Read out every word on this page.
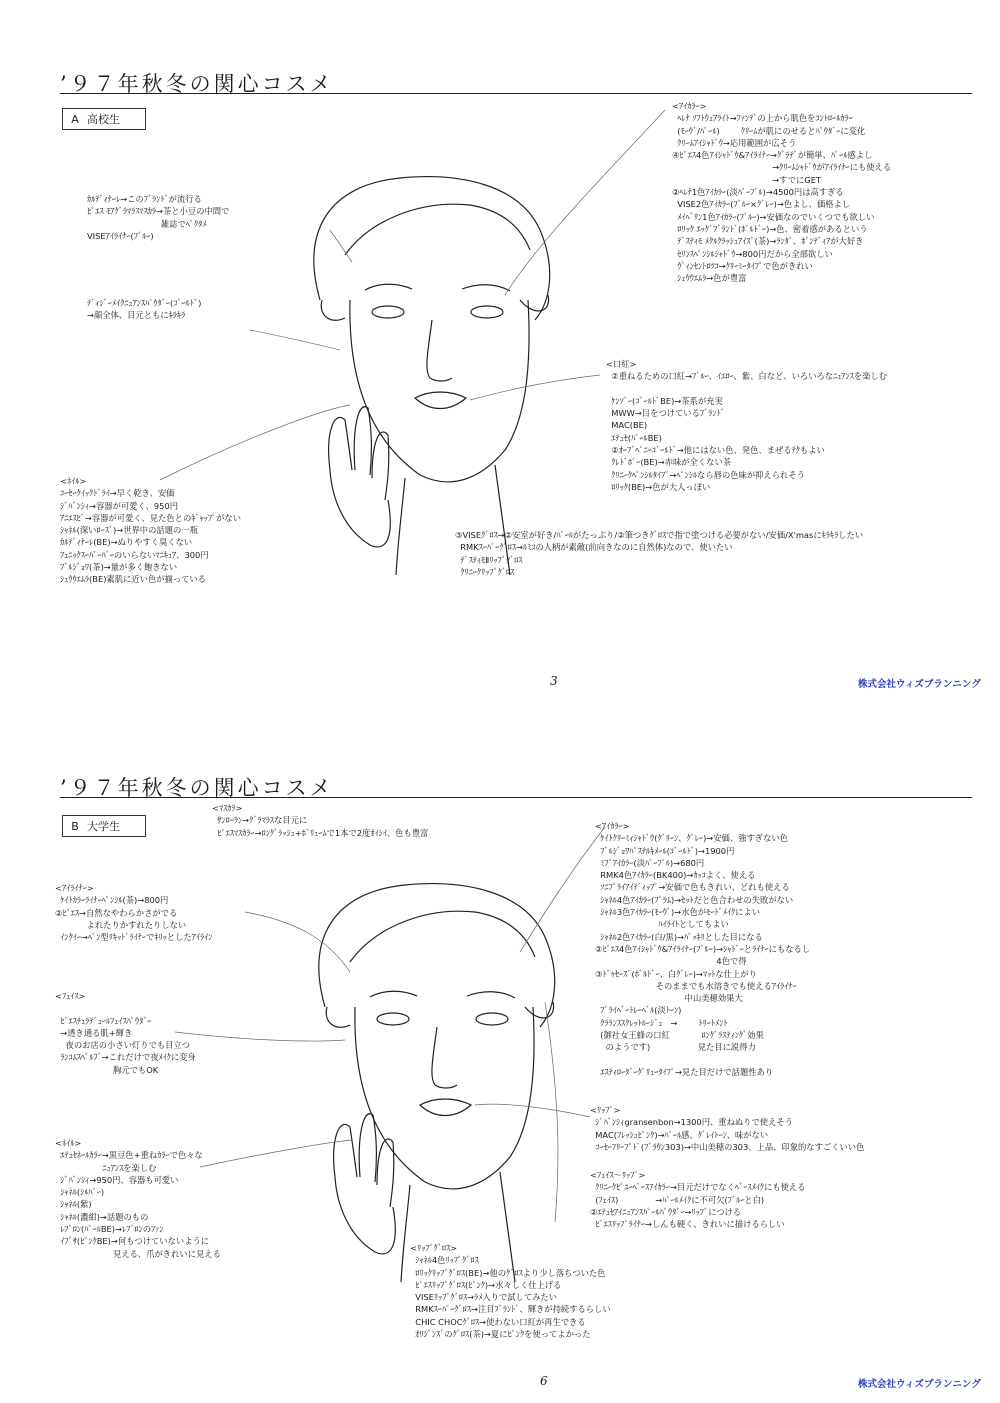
’９７年秋冬の関心コスメ
A 高校生
ｶﾙﾃﾞｨﾅｰﾚ→このﾌﾞﾗﾝﾄﾞが流行る
ﾋﾟｴｽ ﾓｱｸﾞﾗﾏﾗｽﾏｽｶﾗ→茶と小豆の中間で
雑誌でﾍﾟｸﾀﾒ
VISEｱｲﾗｲﾅｰ(ﾌﾞﾙｰ)
ﾃﾞｨｼﾞｰﾒｲｸﾆｭｱﾝｽﾊﾟｳﾀﾞｰ(ｺﾞｰﾙﾄﾞ)
→顔全体、目元ともにｷﾗｷﾗ
<ﾈｲﾙ>
ｺｰｾｰｸｲｯｸﾄﾞﾗｲ→早く乾き、安価
ｼﾞﾊﾞﾝｼｨ→容器が可愛く、950円
ｱﾆｴｽﾋﾞ→容器が可愛く、見た色とのｷﾞｬｯﾌﾟがない
ｼｬﾈﾙ(深いﾛｰｽﾞ)→世界中の話題の一瓶
ｶﾙﾃﾞｨﾅｰﾚ(BE)→ぬりやすく臭くない
ﾌｪﾆｯｸｽｰﾊﾟｰﾊﾞｰのいらないﾏﾆｷｭｱ、300円
ﾌﾞﾙｼﾞｮﾜ(茶)→量が多く飽きない
ｼｭｳｳｴﾑﾗ(BE)素肌に近い色が揃っている
<ｱｲｶﾗｰ>
ﾍﾚﾅ ｿﾌﾄｳｪｱﾗｲﾄ→ﾌｧﾝﾃﾞの上から肌色をｺﾝﾄﾛｰﾙｶﾗｰ
(ﾓｰｳﾞ/ﾊﾟｰﾙ)        ｸﾘｰﾑが肌にのせるとﾊﾟｳﾀﾞｰに変化
ｸﾘｰﾑｱｲｼｬﾄﾞｳ→応用範囲が広そう
④ﾋﾟｴｽ4色ｱｲｼｬﾄﾞｳ&ｱｲﾗｲﾅｰ→ｸﾞﾗﾃﾞが簡単、ﾊﾟｰﾙ感よし
→ｸﾘｰﾑｼｬﾄﾞｳがｱｲﾗｲﾅｰにも使える
→すでにGET
②ﾍﾚﾅ1色ｱｲｶﾗｰ(淡ﾊﾟｰﾌﾟﾙ)→4500円は高すぎる
VISE2色ｱｲｶﾗｰ(ﾌﾞﾙｰ×ｸﾞﾚｰ)→色よし、価格よし
ﾒｲﾍﾞﾘﾝ1色ｱｲｶﾗｰ(ﾌﾞﾙｰ)→安価なのでいくつでも欲しい
ﾛﾘｯｸ ｴｯｸﾞﾌﾞﾗﾝﾄﾞ(ﾎﾞﾙﾄﾞｰ)→色、密着感があるという
ﾃﾞｽﾃｨﾓ ﾒｸﾙｸﾗｯｼｭｱｲｽﾞ(茶)→ﾗﾝﾀﾞ、ﾎﾞﾝﾃﾞｨｱが大好き
ｾﾘﾝｽﾍﾟﾝｼﾙｼｬﾄﾞｳ→800円だから全部欲しい
ｳﾞｨﾝｾﾝﾄﾛﾂｺ→ｸﾘｰﾐｰﾀｲﾌﾟで色がきれい
ｼｭｳｳｴﾑﾗ→色が豊富
<口紅>
②重ねるための口紅→ﾌﾞﾙｰ、ｲｴﾛｰ、紫、白など、いろいろなﾆｭｱﾝｽを楽しむ

ｹﾝｿﾞｰ(ｺﾞｰﾙﾄﾞBE)→茶系が充実
MWW→目をつけているﾌﾞﾗﾝﾄﾞ
MAC(BE)
ｴﾃｭｾ(ﾊﾟｰﾙBE)
②ｵｰﾌﾞﾍﾟﾆｰｺﾞｰﾙﾄﾞ→他にはない色、発色、まぜるﾃｸもよい
ｸﾚﾄﾞﾎﾞｰ(BE)→赤味が全くない茶
ｸﾘﾆｰｸﾍﾟﾝｼﾙﾀｲﾌﾟ→ﾍﾟﾝｼﾙなら唇の色味が抑えられそう
ﾛﾘｯｸ(BE)→色が大人っぽい
③VISEｸﾞﾛｽ→②安室が好き/ﾊﾟｰﾙがたっぷり/②筆つきｸﾞﾛｽで指で塗つける必要がない/安価/X'masにｷﾗｷﾗしたい
RMKｽｰﾊﾟｰｸﾞﾛｽ→ﾙﾐｺの人柄が素敵(前向きなのに自然体)なので、使いたい
ﾃﾞｽﾃｨﾓⅡﾘｯﾌﾟｸﾞﾛｽ
ｸﾘﾆｰｸﾘｯﾌﾟｸﾞﾛｽ
3	株式会社ウィズプランニング
’９７年秋冬の関心コスメ
B 大学生
<ﾏｽｶﾗ>
ｻﾝﾛｰﾗﾝ→ｸﾞﾗﾏﾗｽな目元に
ﾋﾟｴｽﾏｽｶﾗｰ→ﾛﾝｸﾞﾗｯｼｭ+ﾎﾞﾘｭｰﾑで1本で2度ｵｲｼｲ、色も豊富
<ｱｲﾗｲﾅｰ>
ｹｲﾄｶﾗｰﾗｲﾅｰﾍﾟﾝｼﾙ(茶)→800円
②ﾋﾟｴｽ→自然なやわらかさがでる
よれたりかすれたりしない
ｲﾝｸｲｰ→ﾍﾟﾝ型ﾘｷｯﾄﾞﾗｲﾅｰでｷﾘｯとしたｱｲﾗｲﾝ
<ﾌｪｲｽ>

ﾋﾟｴｽﾁｭﾗﾃﾞｭｰﾙﾌｪｲｽﾊﾟｳﾀﾞｰ
→透き通る肌+輝き
夜のお店の小さい灯りでも目立つ
ﾗﾝｺﾑｽﾍﾟﾙﾌﾞ→これだけで夜ﾒｲｸに変身
胸元でもOK
<ﾈｲﾙ>
ｴﾃｭｾﾈｰﾙｶﾗｰ→黒豆色+重ねｶﾗｰで色々な
ﾆｭｱﾝｽを楽しむ
ｼﾞﾊﾞﾝｼｨ→950円、容器も可愛い
ｼｬﾈﾙ(ｼﾙﾊﾞｰ)
ｼｬﾈﾙ(紫)
ｼｬﾈﾙ(濃紺)→話題のもの
ﾚﾌﾞﾛﾝ(ﾊﾟｰﾙBE)→ﾚﾌﾞﾛﾝのﾌｧﾝ
ｲﾌﾟｻ(ﾋﾟﾝｸBE)→何もつけていないように
見える、爪がきれいに見える
<ｱｲｶﾗｰ>
ｹｲﾄｸﾘｰﾐｨｼｬﾄﾞｳ(ｸﾞﾘｰﾝ、ｸﾞﾚｰ)→安価、強すぎない色
ﾌﾞﾙｼﾞｮﾜﾊﾟｽﾃﾙｷﾒｰﾙ(ｺﾞｰﾙﾄﾞ)→1900円
ﾐﾌﾟｱｲｶﾗｰ(淡ﾊﾟｰﾌﾟﾙ)→680円
RMK4色ｱｲｶﾗｰ(BK400)→ｶｯｺよく、使える
ｿﾆﾌﾟﾗｲｱｲﾃﾞｨｯﾌﾟ→安価で色もきれい、どれも使える
ｼｬﾈﾙ4色ｱｲｶﾗｰ(ﾌﾟﾗﾑ)→ｾｯﾄだと色合わせの失敗がない
ｼｬﾈﾙ3色ｱｲｶﾗｰ(ﾓｰｳﾞ)→水色がﾓｰﾄﾞﾒｲｸによい
ﾊｲﾗｲﾄとしてもよい
ｼｬﾈﾙ2色ｱｲｶﾗｰ(白/黒)→ﾊﾟｯｷﾘとした目になる
②ﾋﾟｴｽ4色ｱｲｼｬﾄﾞｳ&ｱｲﾗｲﾅｰ(ﾌﾞﾙｰ)→ｼｬﾄﾞｰとﾗｲﾅｰにもなるし
4色で得
③ﾄﾞｩｾｰｽﾞ(ﾎﾞﾙﾄﾞｰ、白ｸﾞﾚｰ)→ﾏｯﾄな仕上がり
そのままでも水溶きでも使えるｱｲﾗｲﾅｰ
中山美穂効果大
ﾌﾟﾗｲﾍﾞｰﾄﾚｰﾍﾞﾙ(淡ﾄｰﾝ)
ｸﾗﾗﾝｽｽｸﾚｯﾄﾙｰｼﾞｭ   →        ﾄﾘｰﾄﾒﾝﾄ
(御社女王蜂の口紅            ﾛﾝｸﾞﾗｽﾃｨﾝｸﾞ効果
のようです)                  見た目に説得力

ｴｽﾃｨﾛｰﾀﾞｰｸﾞﾘｭｰﾀｲﾌﾟ→見た目だけで話題性あり
<ﾘｯﾌﾟ>
ｼﾞﾊﾞﾝｼｨgransenbon→1300円、重ねぬりで使えそう
MAC(ﾌﾚｯｼｭﾋﾟﾝｸ)→ﾊﾟｰﾙ感、ｸﾞﾚｲﾄｰﾝ、味がない
ｺｰｾｰﾌﾘｰﾌﾟﾄﾞ(ﾌﾞﾗｳﾝ303)→中山美穂の303、上品、印象的なすごくいい色
<ﾌｪｲｽ〜ﾘｯﾌﾟ>
ｸﾘﾆｰｸﾋﾟﾕｰﾍﾞｰｽｱｲｶﾗｰ→目元だけでなくﾍﾞｰｽﾒｲｸにも使える
(ﾌｪｲｽ)              →ﾊﾟｰﾙﾒｲｸに不可欠(ﾌﾞﾙｰと白)
②ｴﾃｭｾｱｲﾆｭｱﾝｽﾊﾟｰﾙﾊﾟｳﾀﾞｰ→ﾘｯﾌﾟにつける
ﾋﾟｴｽﾘｯﾌﾟﾗｲﾅｰ→しんも硬く、きれいに描けるらしい
<ﾘｯﾌﾟｸﾞﾛｽ>
ｼｬﾈﾙ4色ﾘｯﾌﾟｸﾞﾛｽ
ﾛﾘｯｸﾘｯﾌﾟｸﾞﾛｽ(BE)→他のｸﾞﾛｽより少し落ちついた色
ﾋﾟｴｽﾘｯﾌﾟｸﾞﾛｽ(ﾋﾟﾝｸ)→水々しく仕上げる
VISEﾘｯﾌﾟｸﾞﾛｽ→ﾗﾒ入りで試してみたい
RMKｽｰﾊﾟｰｸﾞﾛｽ→注目ﾌﾞﾗﾝﾄﾞ、輝きが持続するらしい
CHIC CHOCｸﾞﾛｽ→使わない口紅が再生できる
ｵﾘｼﾞﾝｽﾞのｸﾞﾛｽ(茶)→夏にﾋﾟﾝｸを使ってよかった
6	株式会社ウィズプランニング
